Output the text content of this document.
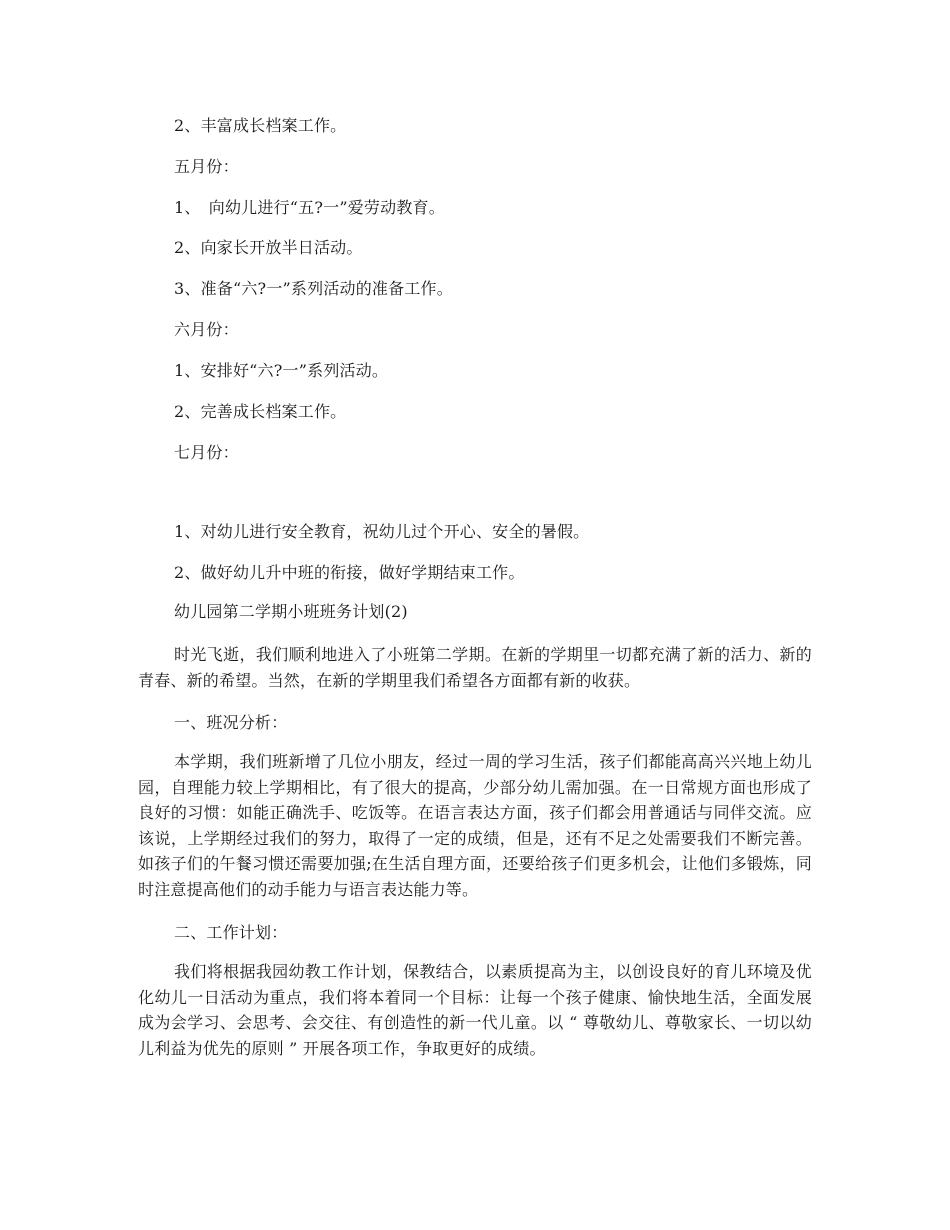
2、丰富成长档案工作。
五月份：
1、　向幼儿进行“五?一”爱劳动教育。
2、向家长开放半日活动。
3、准备“六?一”系列活动的准备工作。
六月份：
1、安排好“六?一”系列活动。
2、完善成长档案工作。
七月份：
1、对幼儿进行安全教育，祝幼儿过个开心、安全的暑假。
2、做好幼儿升中班的衔接，做好学期结束工作。
幼儿园第二学期小班班务计划(2)
时光飞逝，我们顺利地进入了小班第二学期。在新的学期里一切都充满了新的活力、新的青春、新的希望。当然，在新的学期里我们希望各方面都有新的收获。
一、班况分析：
本学期，我们班新增了几位小朋友，经过一周的学习生活，孩子们都能高高兴兴地上幼儿园，自理能力较上学期相比，有了很大的提高，少部分幼儿需加强。在一日常规方面也形成了良好的习惯：如能正确洗手、吃饭等。在语言表达方面，孩子们都会用普通话与同伴交流。应该说，上学期经过我们的努力，取得了一定的成绩，但是，还有不足之处需要我们不断完善。如孩子们的午餐习惯还需要加强;在生活自理方面，还要给孩子们更多机会，让他们多锻炼，同时注意提高他们的动手能力与语言表达能力等。
二、工作计划：
我们将根据我园幼教工作计划，保教结合，以素质提高为主，以创设良好的育儿环境及优化幼儿一日活动为重点，我们将本着同一个目标：让每一个孩子健康、愉快地生活，全面发展成为会学习、会思考、会交往、有创造性的新一代儿童。以 “ 尊敬幼儿、尊敬家长、一切以幼儿利益为优先的原则 ” 开展各项工作，争取更好的成绩。
